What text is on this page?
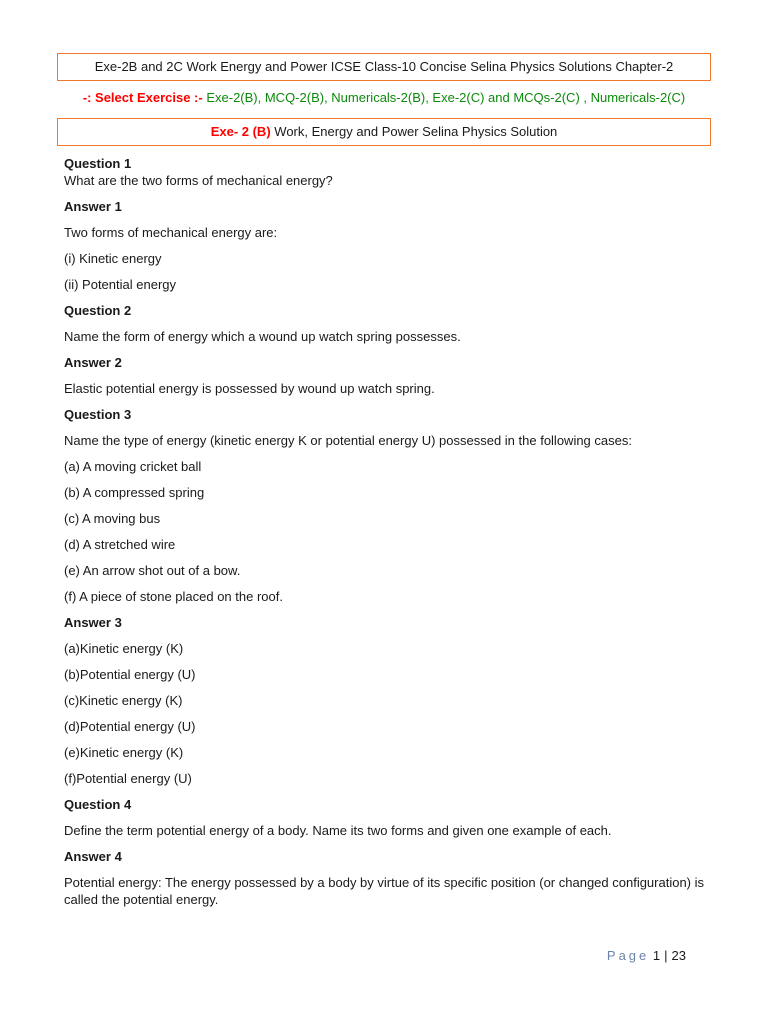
Exe-2B and 2C Work Energy and Power ICSE Class-10 Concise Selina Physics Solutions Chapter-2
-: Select Exercise :- Exe-2(B), MCQ-2(B), Numericals-2(B), Exe-2(C) and MCQs-2(C) , Numericals-2(C)
Exe- 2 (B) Work, Energy and Power Selina Physics Solution

Question 1

What are the two forms of mechanical energy?

Answer 1

Two forms of mechanical energy are:

(i) Kinetic energy

(ii) Potential energy

Question 2

Name the form of energy which a wound up watch spring possesses.

Answer 2

Elastic potential energy is possessed by wound up watch spring.

Question 3

Name the type of energy (kinetic energy K or potential energy U) possessed in the following cases:

(a) A moving cricket ball

(b) A compressed spring

(c) A moving bus

(d) A stretched wire

(e) An arrow shot out of a bow.

(f) A piece of stone placed on the roof.

Answer 3

(a)Kinetic energy (K)

(b)Potential energy (U)

(c)Kinetic energy (K)

(d)Potential energy (U)

(e)Kinetic energy (K)

(f)Potential energy (U)

Question 4

Define the term potential energy of a body. Name its two forms and given one example of each.

Answer 4

Potential energy: The energy possessed by a body by virtue of its specific position (or changed configuration) is called the potential energy.

Page 1 | 23
